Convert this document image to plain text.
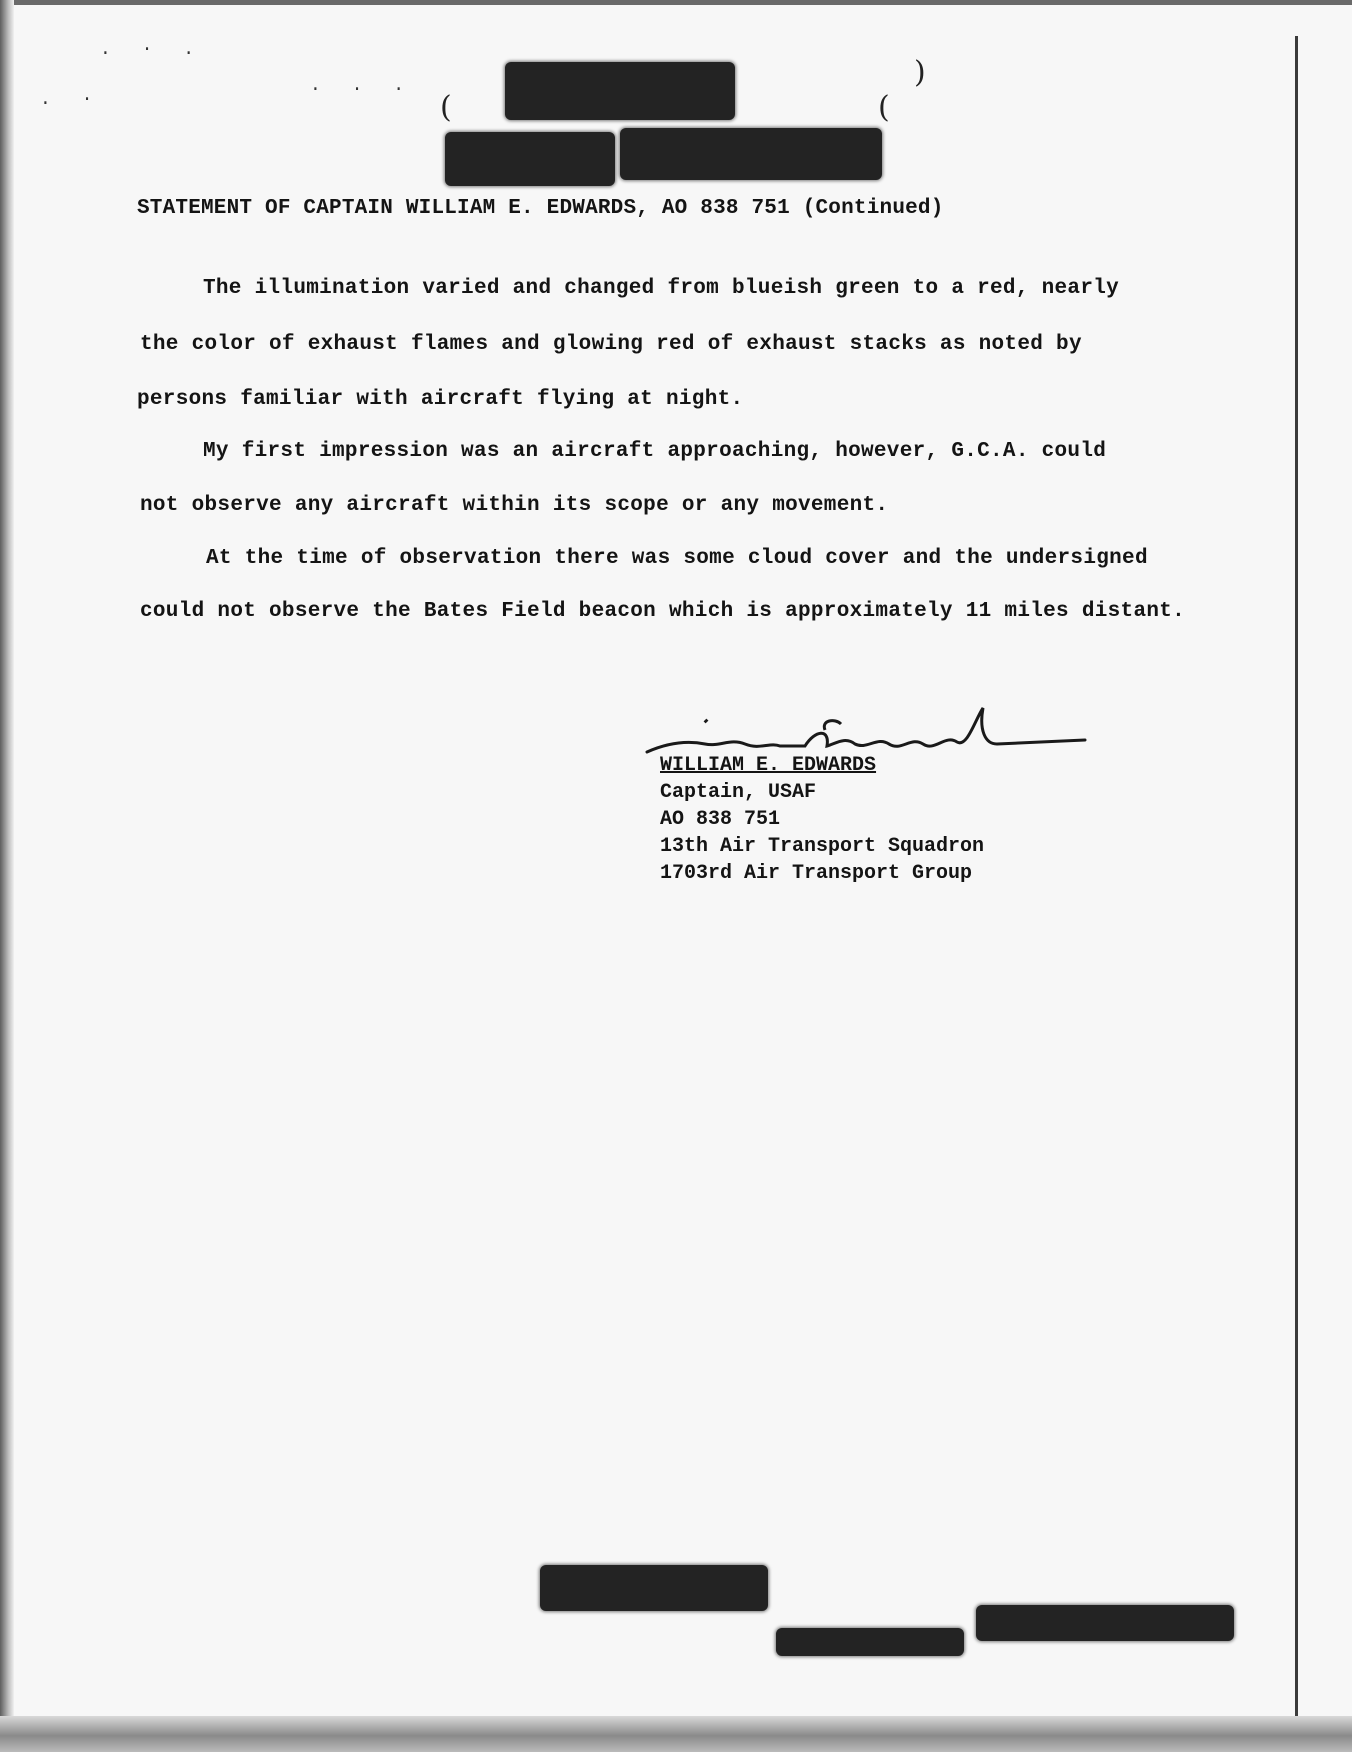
. · .
. ·	· · · (	(
)
STATEMENT OF CAPTAIN WILLIAM E. EDWARDS, AO 838 751 (Continued)
The illumination varied and changed from blueish green to a red, nearly
the color of exhaust flames and glowing red of exhaust stacks as noted by
persons familiar with aircraft flying at night.
My first impression was an aircraft approaching, however, G.C.A. could
not observe any aircraft within its scope or any movement.
At the time of observation there was some cloud cover and the undersigned
could not observe the Bates Field beacon which is approximately 11 miles distant.
WILLIAM E. EDWARDS
Captain, USAF
AO 838 751
13th Air Transport Squadron
1703rd Air Transport Group
